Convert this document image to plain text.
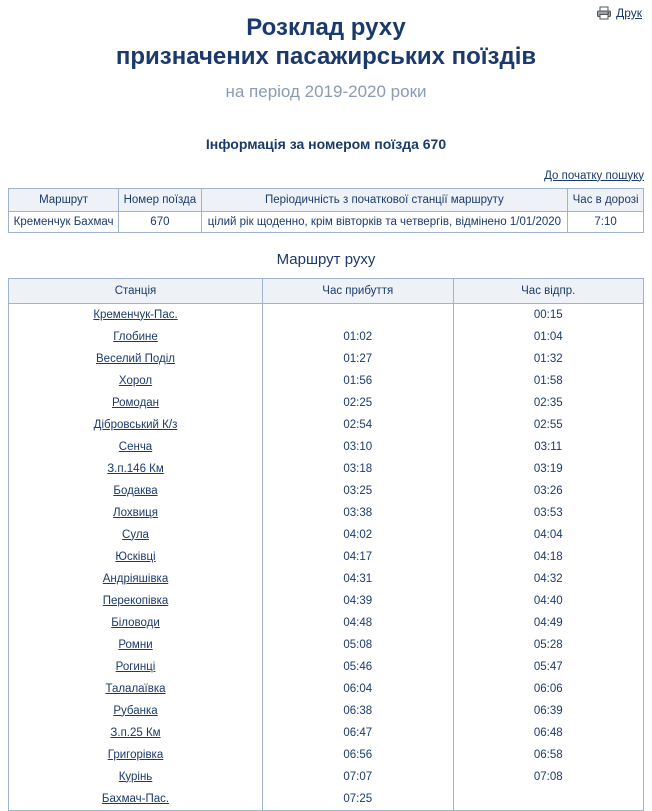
Друк
Розклад руху
призначених пасажирських поїздів
на період 2019-2020 роки
Інформація за номером поїзда 670
До початку пошуку
Маршрут	Номер поїзда	Періодичність з початкової станції маршруту	Час в дорозі
Кременчук Бахмач	670	цілий рік щоденно, крім вівторків та четвергів, відмінено 1/01/2020	7:10
Маршрут руху
Станція	Час прибуття	Час відпр.
Кременчук-Пас.		00:15
Глобине	01:02	01:04
Веселий Поділ	01:27	01:32
Хорол	01:56	01:58
Ромодан	02:25	02:35
Дібровський К/з	02:54	02:55
Сенча	03:10	03:11
З.п.146 Км	03:18	03:19
Бодаква	03:25	03:26
Лохвиця	03:38	03:53
Сула	04:02	04:04
Юсківці	04:17	04:18
Андріяшівка	04:31	04:32
Перекопівка	04:39	04:40
Біловоди	04:48	04:49
Ромни	05:08	05:28
Рогинці	05:46	05:47
Талалаївка	06:04	06:06
Рубанка	06:38	06:39
З.п.25 Км	06:47	06:48
Григорівка	06:56	06:58
Курінь	07:07	07:08
Бахмач-Пас.	07:25	
